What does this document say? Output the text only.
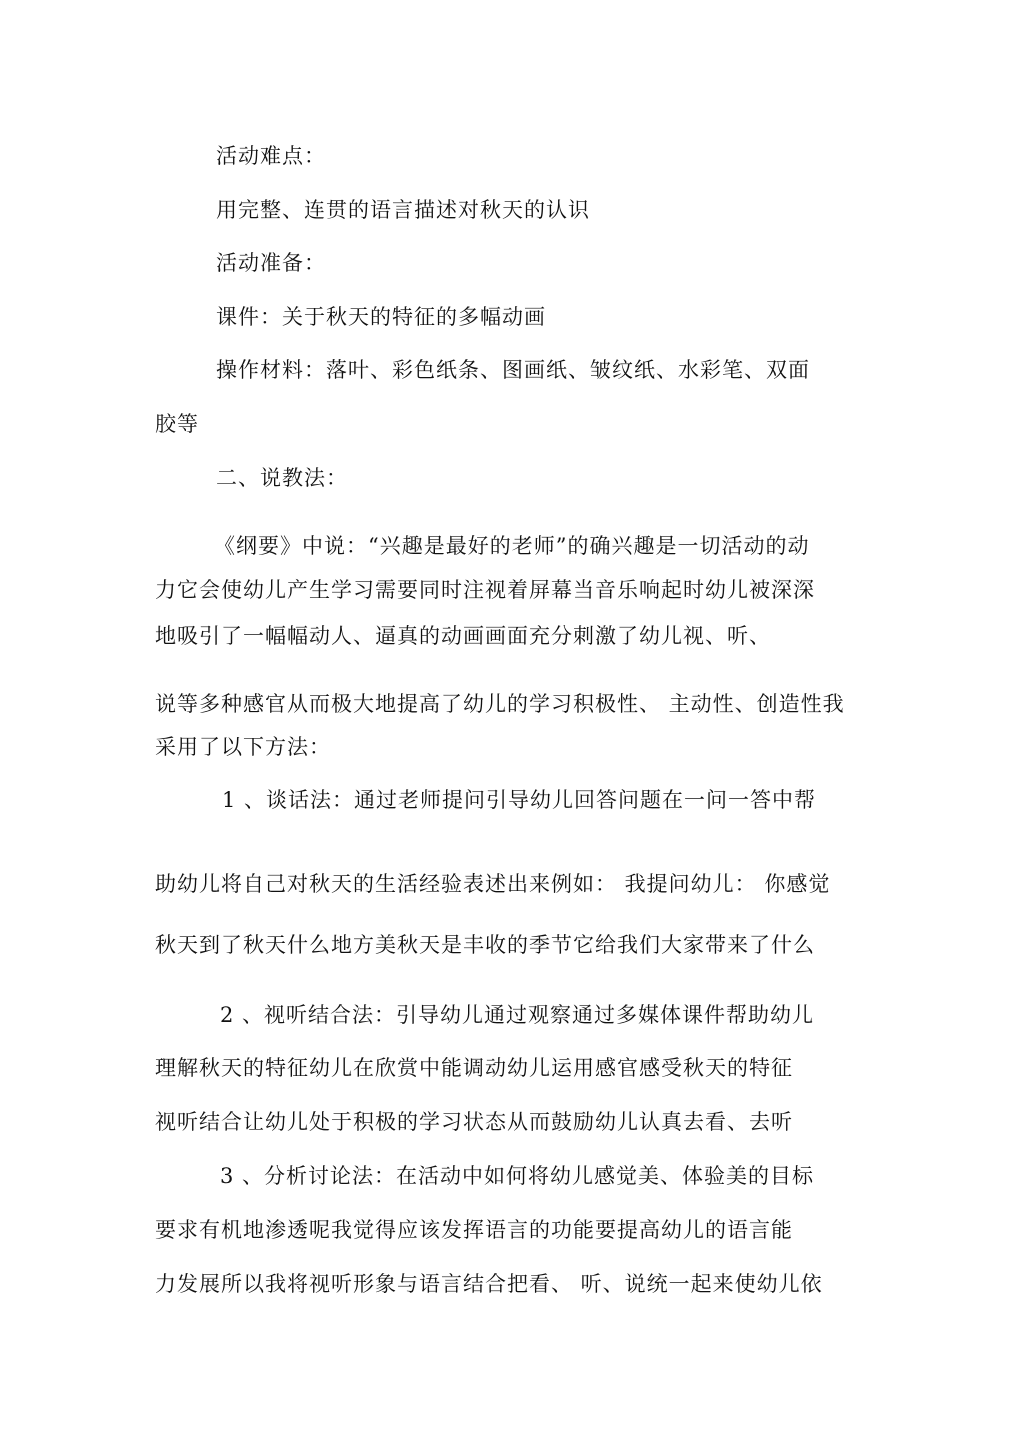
活动难点：
用完整、连贯的语言描述对秋天的认识
活动准备：
课件：关于秋天的特征的多幅动画
操作材料：落叶、彩色纸条、图画纸、皱纹纸、水彩笔、双面
胶等
二、说教法：
《纲要》中说：“兴趣是最好的老师”的确兴趣是一切活动的动
力它会使幼儿产生学习需要同时注视着屏幕当音乐响起时幼儿被深深
地吸引了一幅幅动人、逼真的动画画面充分刺激了幼儿视、听、
说等多种感官从而极大地提高了幼儿的学习积极性、 主动性、创造性我
采用了以下方法：
1 、谈话法：通过老师提问引导幼儿回答问题在一问一答中帮
助幼儿将自己对秋天的生活经验表述出来例如： 我提问幼儿： 你感觉
秋天到了秋天什么地方美秋天是丰收的季节它给我们大家带来了什么
2 、视听结合法：引导幼儿通过观察通过多媒体课件帮助幼儿
理解秋天的特征幼儿在欣赏中能调动幼儿运用感官感受秋天的特征
视听结合让幼儿处于积极的学习状态从而鼓励幼儿认真去看、去听
3 、分析讨论法：在活动中如何将幼儿感觉美、体验美的目标
要求有机地渗透呢我觉得应该发挥语言的功能要提高幼儿的语言能
力发展所以我将视听形象与语言结合把看、 听、说统一起来使幼儿依
